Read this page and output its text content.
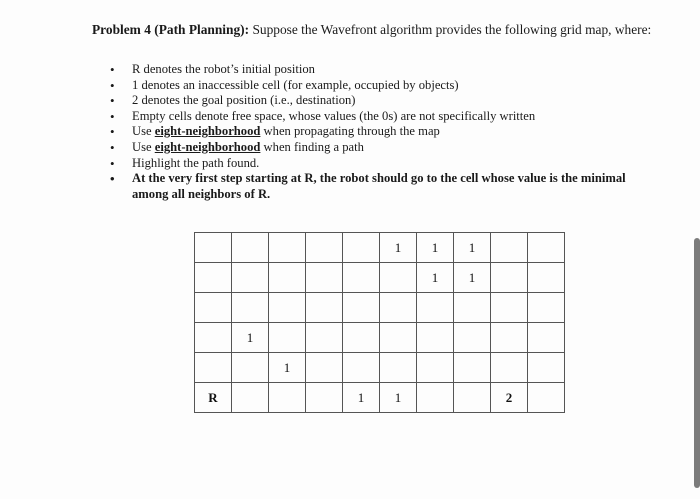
Problem 4 (Path Planning): Suppose the Wavefront algorithm provides the following grid map, where:
• R denotes the robot’s initial position
• 1 denotes an inaccessible cell (for example, occupied by objects)
• 2 denotes the goal position (i.e., destination)
• Empty cells denote free space, whose values (the 0s) are not specifically written
• Use eight-neighborhood when propagating through the map
• Use eight-neighborhood when finding a path
• Highlight the path found.
• At the very first step starting at R, the robot should go to the cell whose value is the minimal among all neighbors of R.
					1	1	1		
						1	1		

	1								
		1							
R				1	1			2	
